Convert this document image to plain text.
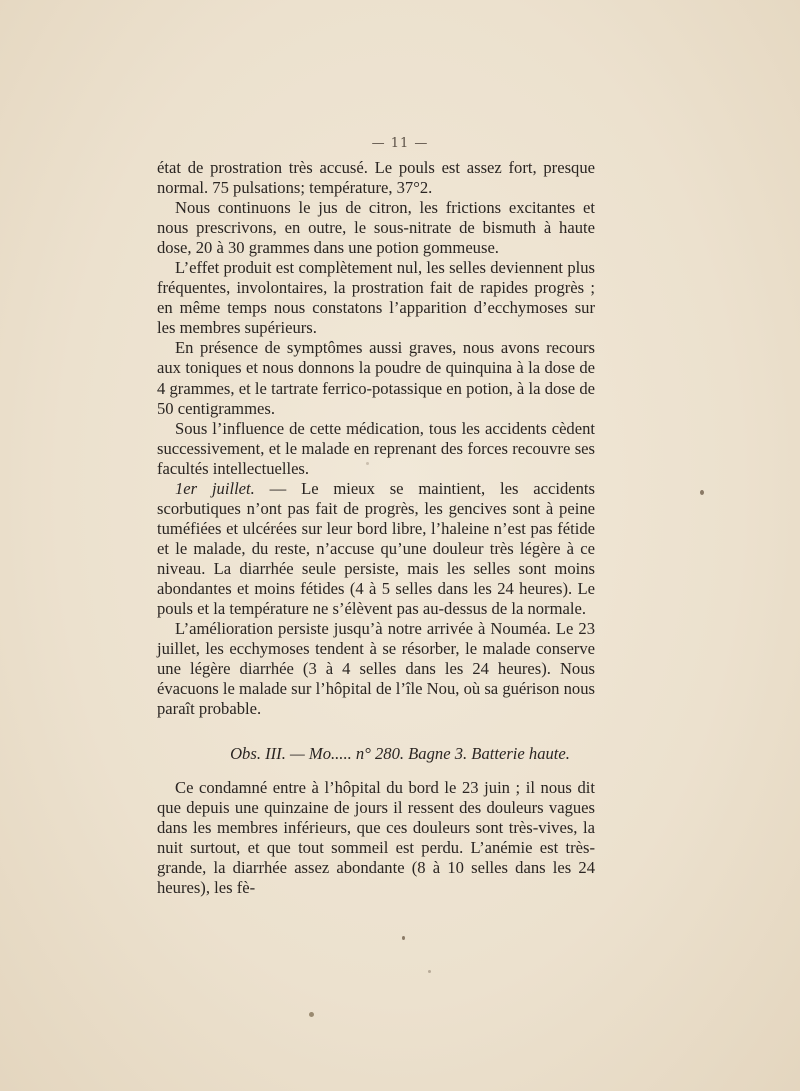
— 11 —

état de prostration très accusé. Le pouls est assez fort, presque normal. 75 pulsations; température, 37°2.

Nous continuons le jus de citron, les frictions excitantes et nous prescrivons, en outre, le sous-nitrate de bismuth à haute dose, 20 à 30 grammes dans une potion gommeuse.

L’effet produit est complètement nul, les selles deviennent plus fréquentes, involontaires, la prostration fait de rapides progrès ; en même temps nous constatons l’apparition d’ecchymoses sur les membres supérieurs.

En présence de symptômes aussi graves, nous avons recours aux toniques et nous donnons la poudre de quinquina à la dose de 4 grammes, et le tartrate ferrico-potassique en potion, à la dose de 50 centigrammes.

Sous l’influence de cette médication, tous les accidents cèdent successivement, et le malade en reprenant des forces recouvre ses facultés intellectuelles.

1er juillet. — Le mieux se maintient, les accidents scorbutiques n’ont pas fait de progrès, les gencives sont à peine tuméfiées et ulcérées sur leur bord libre, l’haleine n’est pas fétide et le malade, du reste, n’accuse qu’une douleur très légère à ce niveau. La diarrhée seule persiste, mais les selles sont moins abondantes et moins fétides (4 à 5 selles dans les 24 heures). Le pouls et la température ne s’élèvent pas au-dessus de la normale.

L’amélioration persiste jusqu’à notre arrivée à Nouméa. Le 23 juillet, les ecchymoses tendent à se résorber, le malade conserve une légère diarrhée (3 à 4 selles dans les 24 heures). Nous évacuons le malade sur l’hôpital de l’île Nou, où sa guérison nous paraît probable.

Obs. III. — Mo..... n° 280. Bagne 3. Batterie haute.

Ce condamné entre à l’hôpital du bord le 23 juin ; il nous dit que depuis une quinzaine de jours il ressent des douleurs vagues dans les membres inférieurs, que ces douleurs sont très-vives, la nuit surtout, et que tout sommeil est perdu. L’anémie est très-grande, la diarrhée assez abondante (8 à 10 selles dans les 24 heures), les fè-
